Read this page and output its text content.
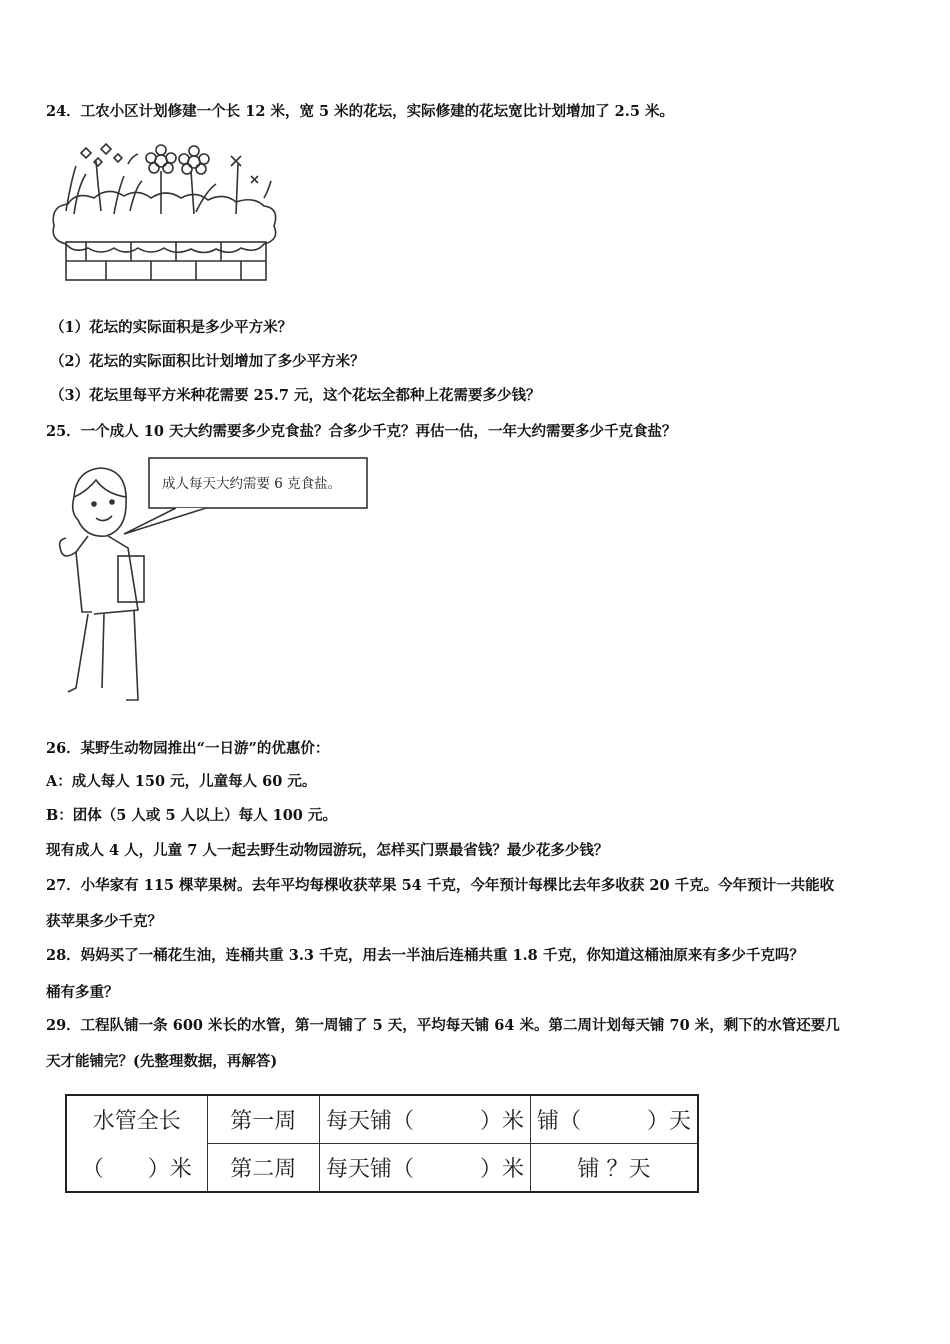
24．工农小区计划修建一个长 12 米，宽 5 米的花坛，实际修建的花坛宽比计划增加了 2.5 米。
（1）花坛的实际面积是多少平方米？
（2）花坛的实际面积比计划增加了多少平方米？
（3）花坛里每平方米种花需要 25.7 元，这个花坛全都种上花需要多少钱？
25．一个成人 10 天大约需要多少克食盐？合多少千克？再估一估，一年大约需要多少千克食盐？
成人每天大约需要 6 克食盐。
26．某野生动物园推出“一日游”的优惠价：
A：成人每人 150 元，儿童每人 60 元。
B：团体（5 人或 5 人以上）每人 100 元。
现有成人 4 人，儿童 7 人一起去野生动物园游玩，怎样买门票最省钱？最少花多少钱？
27．小华家有 115 棵苹果树。去年平均每棵收获苹果 54 千克，今年预计每棵比去年多收获 20 千克。今年预计一共能收
获苹果多少千克？
28．妈妈买了一桶花生油，连桶共重 3.3 千克，用去一半油后连桶共重 1.8 千克，你知道这桶油原来有多少千克吗？
桶有多重？
29．工程队铺一条 600 米长的水管，第一周铺了 5 天，平均每天铺 64 米。第二周计划每天铺 70 米，剩下的水管还要几
天才能铺完？(先整理数据，再解答)
水管全长	第一周	每天铺（　　　）米	铺（　　　）天
（　　）米	第二周	每天铺（　　　）米	铺 ？天
